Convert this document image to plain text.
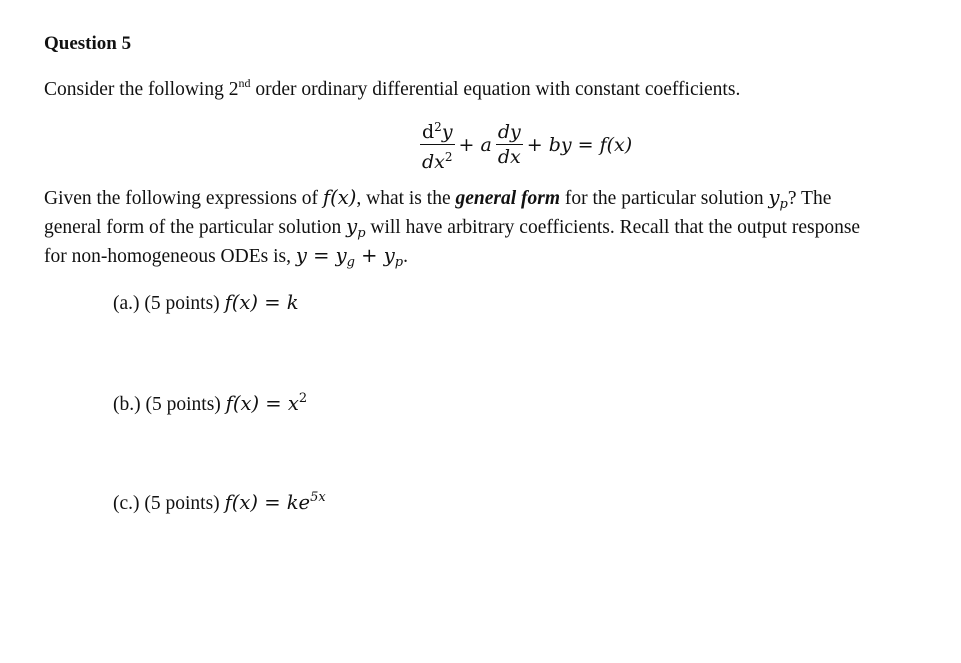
Question 5
Consider the following 2nd order ordinary differential equation with constant coefficients.
$\frac{d^2y}{dx^2} + a \frac{dy}{dx}$ + by = f(x)
Given the following expressions of f(x), what is the general form for the particular solution $y_p$? The
general form of the particular solution $y_p$ will have arbitrary coefficients. Recall that the output response
for non-homogeneous ODEs is, $y = y_g + y_p$.
(a.) (5 points) f(x) = k
(b.) (5 points) $f(x) = x^2$
(c.) (5 points) $f(x) = ke^{5x}$
